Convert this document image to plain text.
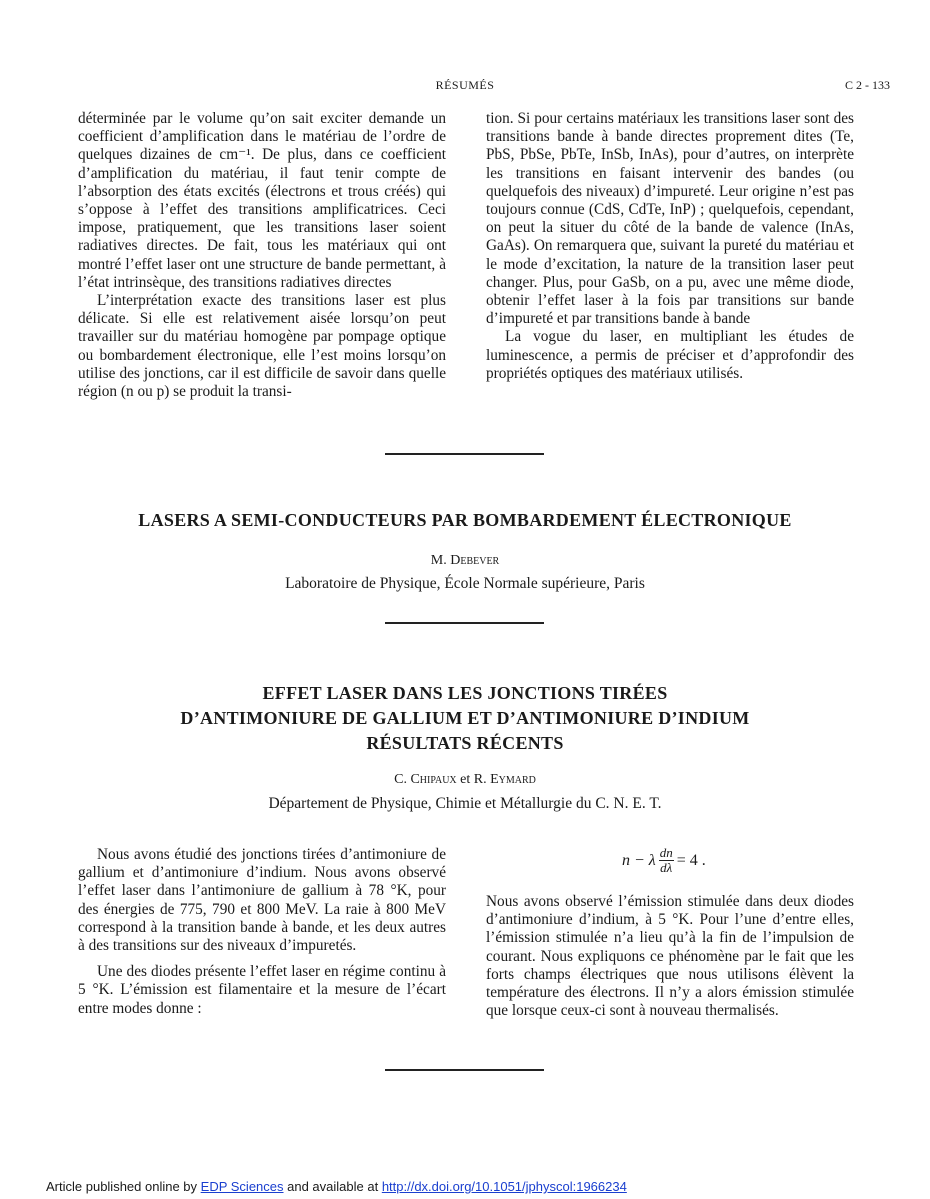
RÉSUMÉS	C 2 - 133

déterminée par le volume qu’on sait exciter demande un coefficient d’amplification dans le matériau de l’ordre de quelques dizaines de cm⁻¹. De plus, dans ce coefficient d’amplification du matériau, il faut tenir compte de l’absorption des états excités (électrons et trous créés) qui s’oppose à l’effet des transitions amplificatrices. Ceci impose, pratiquement, que les transitions laser soient radiatives directes. De fait, tous les matériaux qui ont montré l’effet laser ont une structure de bande permettant, à l’état intrinsèque, des transitions radiatives directes

L’interprétation exacte des transitions laser est plus délicate. Si elle est relativement aisée lorsqu’on peut travailler sur du matériau homogène par pompage optique ou bombardement électronique, elle l’est moins lorsqu’on utilise des jonctions, car il est difficile de savoir dans quelle région (n ou p) se produit la transi-

tion. Si pour certains matériaux les transitions laser sont des transitions bande à bande directes proprement dites (Te, PbS, PbSe, PbTe, InSb, InAs), pour d’autres, on interprète les transitions en faisant intervenir des bandes (ou quelquefois des niveaux) d’impureté. Leur origine n’est pas toujours connue (CdS, CdTe, InP) ; quelquefois, cependant, on peut la situer du côté de la bande de valence (InAs, GaAs). On remarquera que, suivant la pureté du matériau et le mode d’excitation, la nature de la transition laser peut changer. Plus, pour GaSb, on a pu, avec une même diode, obtenir l’effet laser à la fois par transitions sur bande d’impureté et par transitions bande à bande

La vogue du laser, en multipliant les études de luminescence, a permis de préciser et d’approfondir des propriétés optiques des matériaux utilisés.

LASERS A SEMI-CONDUCTEURS PAR BOMBARDEMENT ÉLECTRONIQUE
M. Debever
Laboratoire de Physique, École Normale supérieure, Paris
EFFET LASER DANS LES JONCTIONS TIRÉES
D’ANTIMONIURE DE GALLIUM ET D’ANTIMONIURE D’INDIUM
RÉSULTATS RÉCENTS
C. Chipaux et R. Eymard
Département de Physique, Chimie et Métallurgie du C. N. E. T.

Nous avons étudié des jonctions tirées d’antimoniure de gallium et d’antimoniure d’indium. Nous avons observé l’effet laser dans l’antimoniure de gallium à 78 °K, pour des énergies de 775, 790 et 800 MeV. La raie à 800 MeV correspond à la transition bande à bande, et les deux autres à des transitions sur des niveaux d’impuretés.

Une des diodes présente l’effet laser en régime continu à 5 °K. L’émission est filamentaire et la mesure de l’écart entre modes donne :

n − λ $\frac{dn}{d\lambda} = 4$ .

Nous avons observé l’émission stimulée dans deux diodes d’antimoniure d’indium, à 5 °K. Pour l’une d’entre elles, l’émission stimulée n’a lieu qu’à la fin de l’impulsion de courant. Nous expliquons ce phénomène par le fait que les forts champs électriques que nous utilisons élèvent la température des électrons. Il n’y a alors émission stimulée que lorsque ceux-ci sont à nouveau thermalisés.

Article published online by EDP Sciences and available at http://dx.doi.org/10.1051/jphyscol:1966234
